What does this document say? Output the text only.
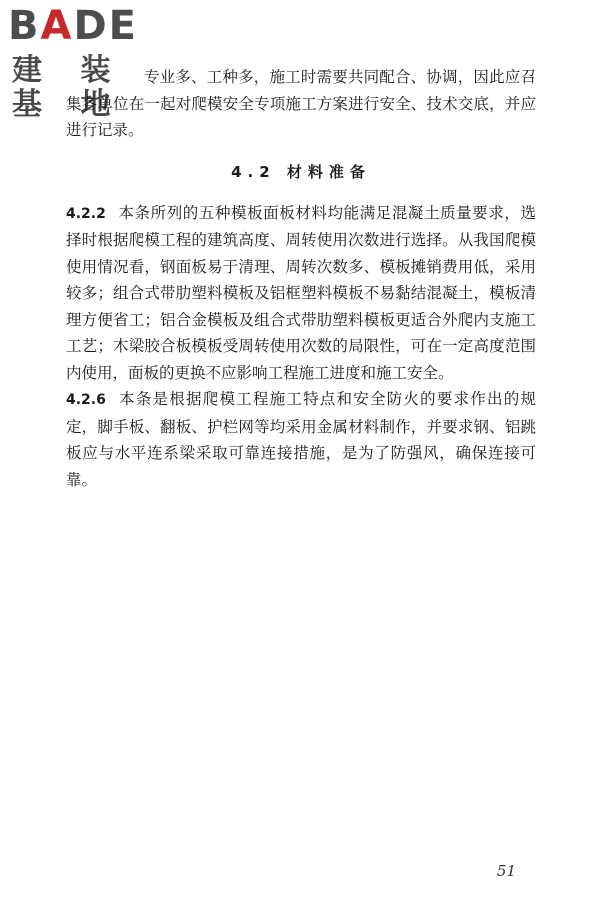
BADE
建 装 基 地

专业多、工种多，施工时需要共同配合、协调，因此应召集各单位在一起对爬模安全专项施工方案进行安全、技术交底，并应进行记录。

4.2 材料准备

4.2.2 本条所列的五种模板面板材料均能满足混凝土质量要求，选择时根据爬模工程的建筑高度、周转使用次数进行选择。从我国爬模使用情况看，钢面板易于清理、周转次数多、模板摊销费用低，采用较多；组合式带肋塑料模板及铝框塑料模板不易黏结混凝土，模板清理方便省工；铝合金模板及组合式带肋塑料模板更适合外爬内支施工工艺；木梁胶合板模板受周转使用次数的局限性，可在一定高度范围内使用，面板的更换不应影响工程施工进度和施工安全。

4.2.6 本条是根据爬模工程施工特点和安全防火的要求作出的规定，脚手板、翻板、护栏网等均采用金属材料制作，并要求钢、铝跳板应与水平连系梁采取可靠连接措施，是为了防强风，确保连接可靠。

51
